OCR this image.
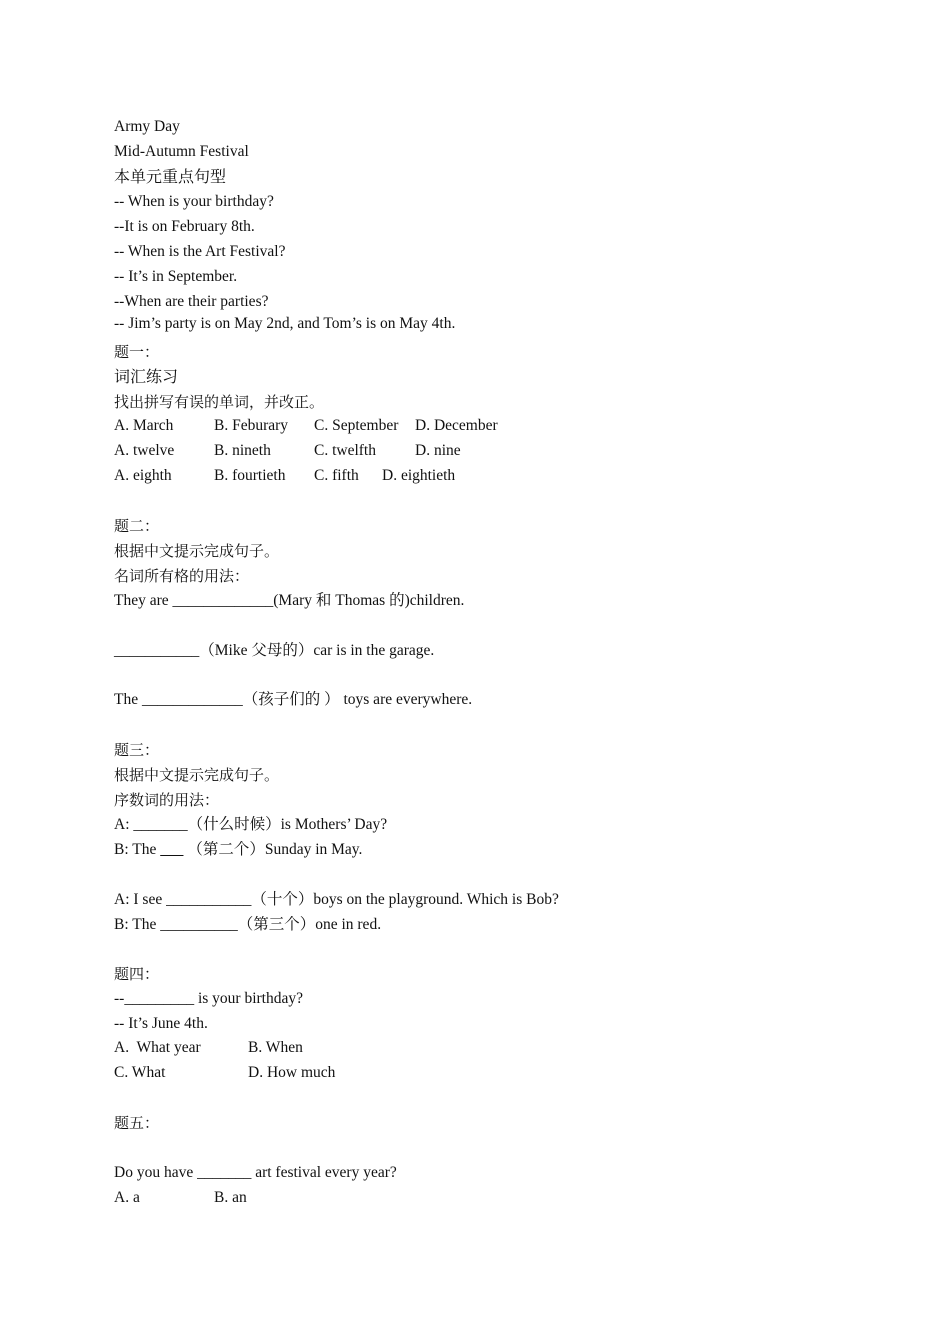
Army Day
Mid-Autumn Festival
本单元重点句型
-- When is your birthday?
--It is on February 8th.
-- When is the Art Festival?
-- It’s in September.
--When are their parties?
-- Jim’s party is on May 2nd, and Tom’s is on May 4th.
题一：
词汇练习
找出拼写有误的单词，并改正。
A. March	B. Feburary C. September D. December
A. twelve	B. nineth	C. twelfth	D. nine
A. eighth	B. fourtieth C. fifth D. eightieth
题二：
根据中文提示完成句子。
名词所有格的用法：
They are _____________(Mary 和 Thomas 的)children.
___________（Mike 父母的）car is in the garage.
The _____________（孩子们的 ） toys are everywhere.
题三：
根据中文提示完成句子。
序数词的用法：
A: _______（什么时候）is Mothers’ Day?
B: The        （第二个）Sunday in May.
A: I see ___________（十个）boys on the playground. Which is Bob?
B: The __________（第三个）one in red.
题四：
--_________ is your birthday?
-- It’s June 4th.
A.  What year	B. When
C. What	D. How much
题五：
Do you have _______ art festival every year?
A. a	B. an
